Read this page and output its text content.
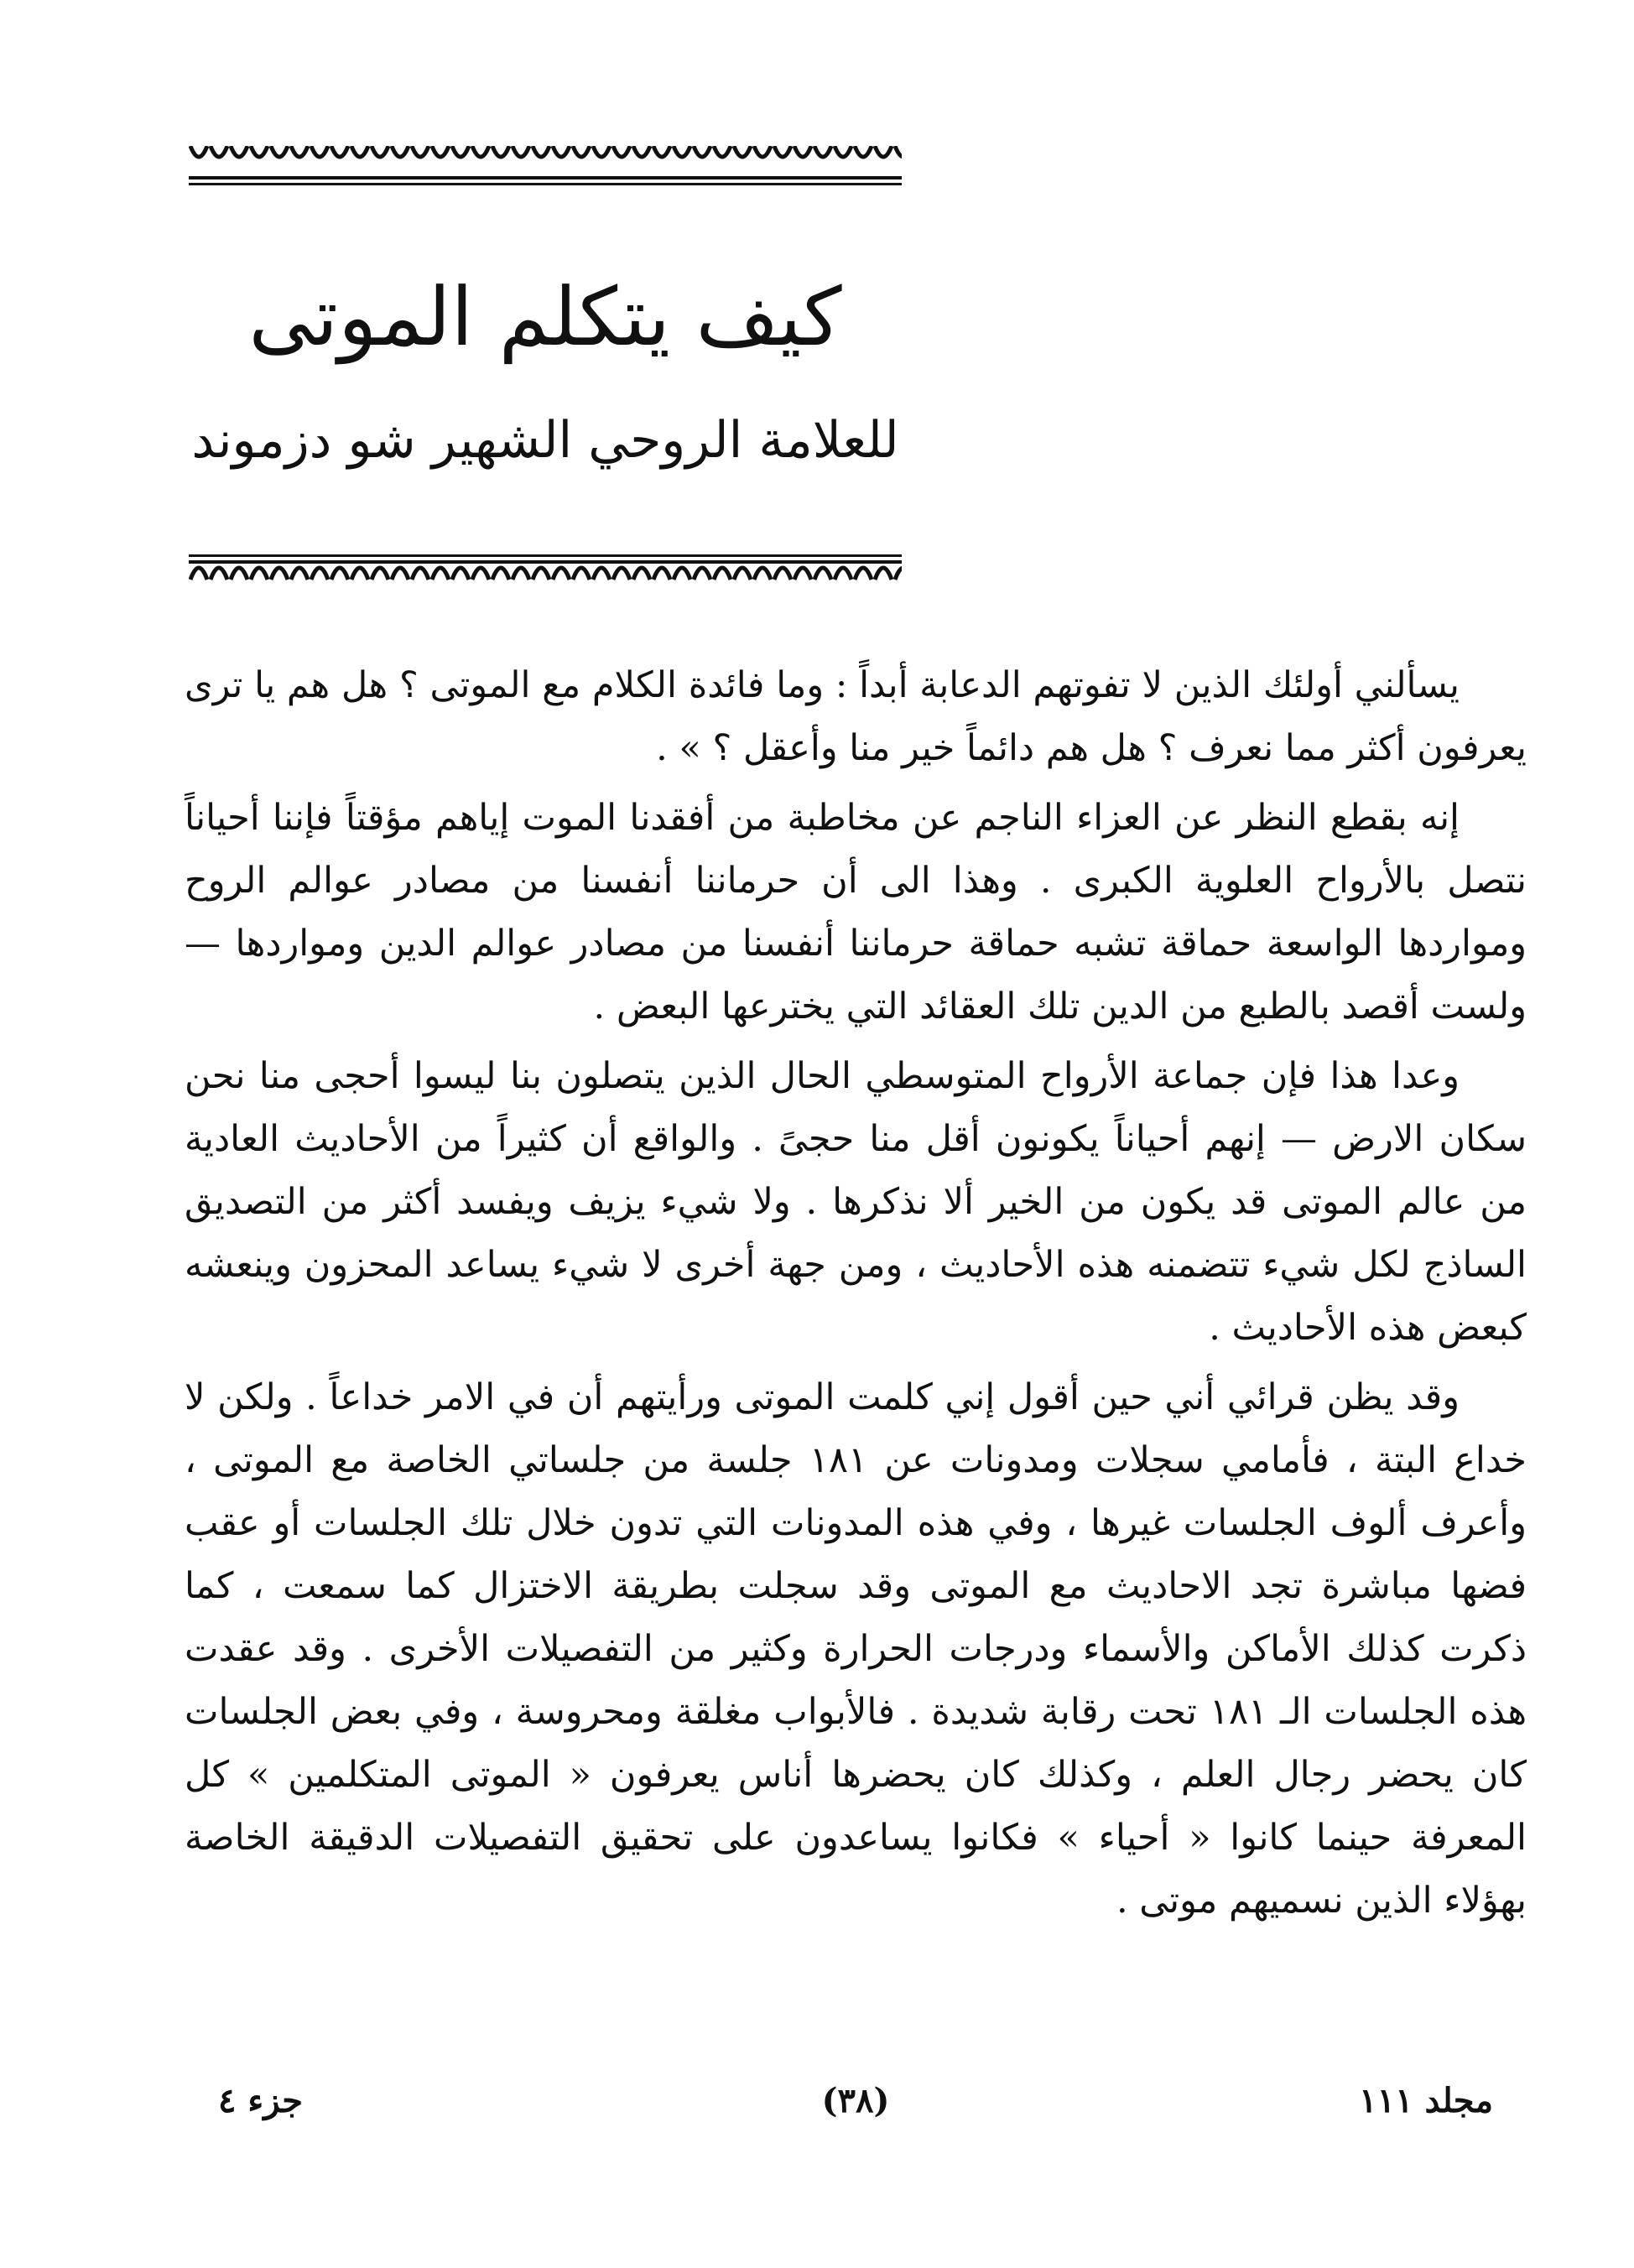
كيف يتكلم الموتى
للعلامة الروحي الشهير شو دزموند

يسألني أولئك الذين لا تفوتهم الدعابة أبداً : وما فائدة الكلام مع الموتى ؟ هل هم يا ترى يعرفون أكثر مما نعرف ؟ هل هم دائماً خير منا وأعقل ؟ » .

إنه بقطع النظر عن العزاء الناجم عن مخاطبة من أفقدنا الموت إياهم مؤقتاً فإننا أحياناً نتصل بالأرواح العلوية الكبرى . وهذا الى أن حرماننا أنفسنا من مصادر عوالم الروح ومواردها الواسعة حماقة تشبه حماقة حرماننا أنفسنا من مصادر عوالم الدين ومواردها — ولست أقصد بالطبع من الدين تلك العقائد التي يخترعها البعض .

وعدا هذا فإن جماعة الأرواح المتوسطي الحال الذين يتصلون بنا ليسوا أحجى منا نحن سكان الارض — إنهم أحياناً يكونون أقل منا حجىً . والواقع أن كثيراً من الأحاديث العادية من عالم الموتى قد يكون من الخير ألا نذكرها . ولا شيء يزيف ويفسد أكثر من التصديق الساذج لكل شيء تتضمنه هذه الأحاديث ، ومن جهة أخرى لا شيء يساعد المحزون وينعشه كبعض هذه الأحاديث .

وقد يظن قرائي أني حين أقول إني كلمت الموتى ورأيتهم أن في الامر خداعاً . ولكن لا خداع البتة ، فأمامي سجلات ومدونات عن ١٨١ جلسة من جلساتي الخاصة مع الموتى ، وأعرف ألوف الجلسات غيرها ، وفي هذه المدونات التي تدون خلال تلك الجلسات أو عقب فضها مباشرة تجد الاحاديث مع الموتى وقد سجلت بطريقة الاختزال كما سمعت ، كما ذكرت كذلك الأماكن والأسماء ودرجات الحرارة وكثير من التفصيلات الأخرى . وقد عقدت هذه الجلسات الـ ١٨١ تحت رقابة شديدة . فالأبواب مغلقة ومحروسة ، وفي بعض الجلسات كان يحضر رجال العلم ، وكذلك كان يحضرها أناس يعرفون « الموتى المتكلمين » كل المعرفة حينما كانوا « أحياء » فكانوا يساعدون على تحقيق التفصيلات الدقيقة الخاصة بهؤلاء الذين نسميهم موتى .

مجلد ١١١
(٣٨)
جزء ٤
